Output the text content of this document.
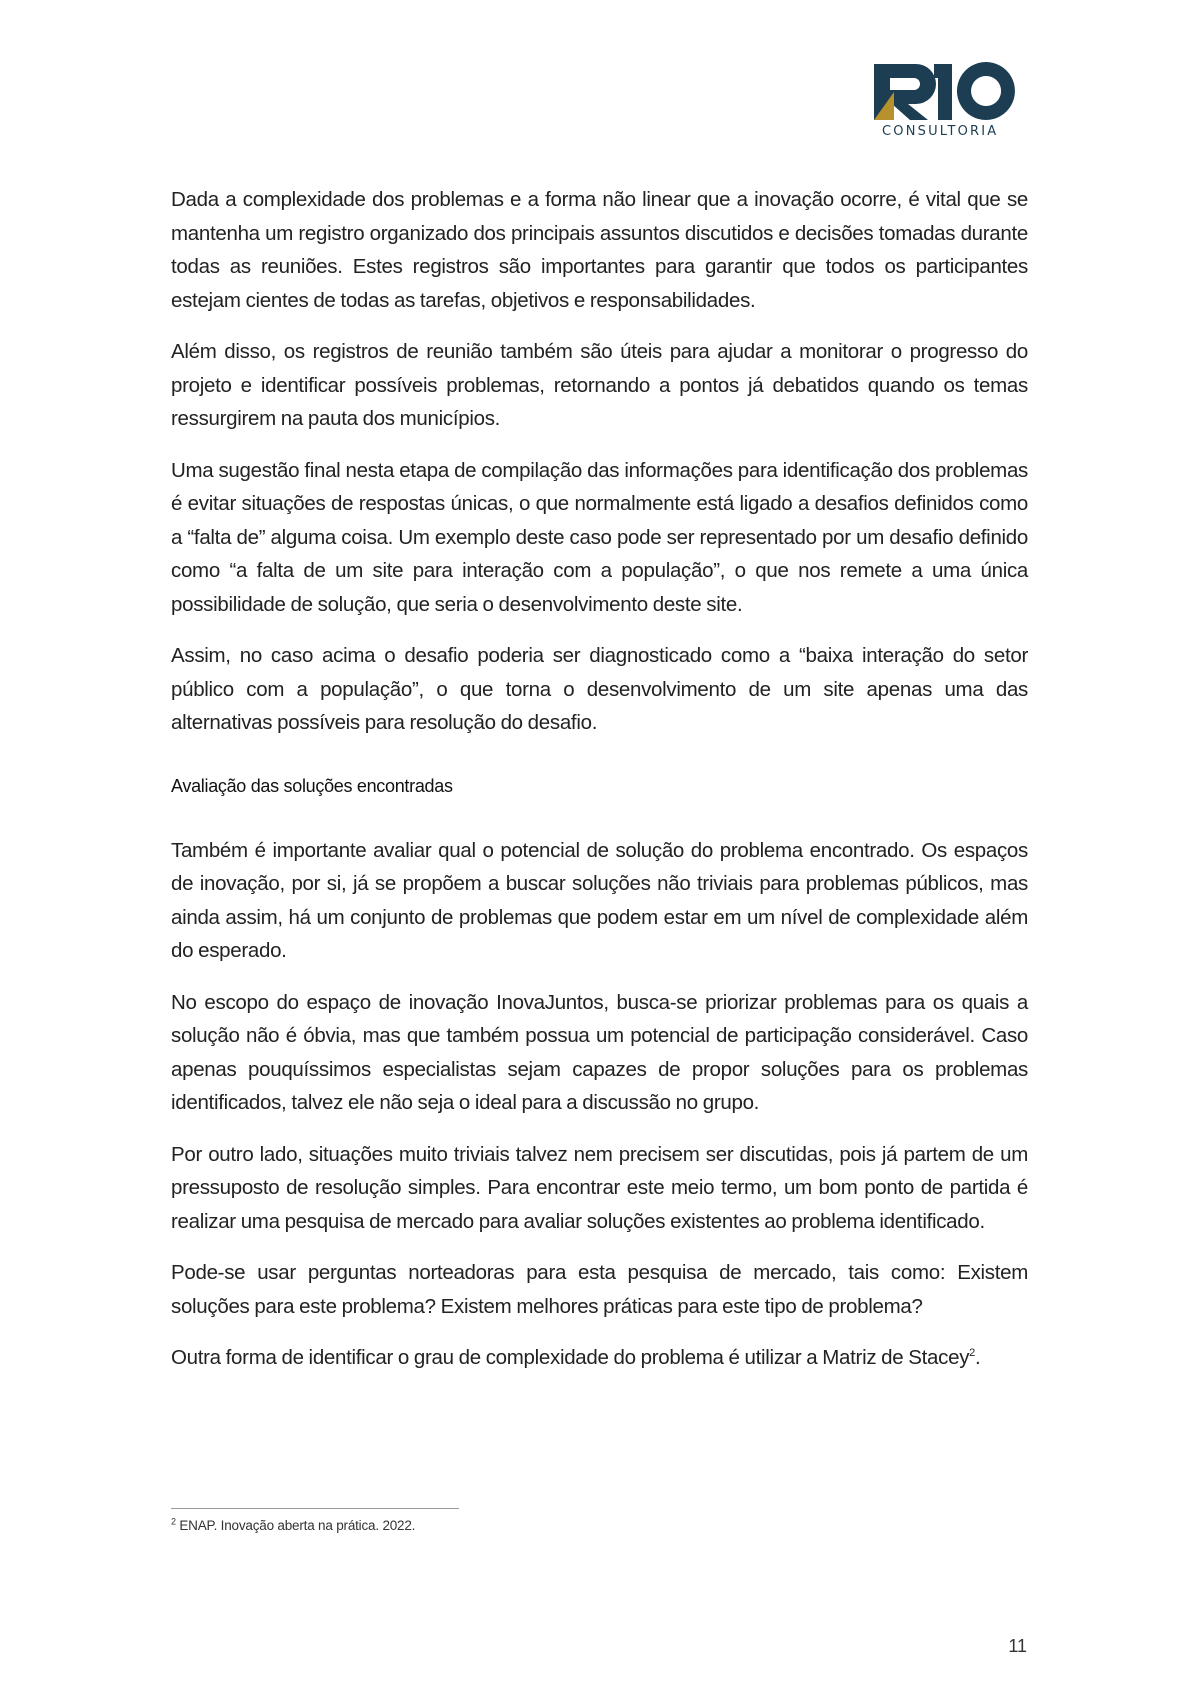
CONSULTORIA

Dada a complexidade dos problemas e a forma não linear que a inovação ocorre, é vital que se mantenha um registro organizado dos principais assuntos discutidos e decisões tomadas durante todas as reuniões. Estes registros são importantes para garantir que todos os participantes estejam cientes de todas as tarefas, objetivos e responsabilidades.

Além disso, os registros de reunião também são úteis para ajudar a monitorar o progresso do projeto e identificar possíveis problemas, retornando a pontos já debatidos quando os temas ressurgirem na pauta dos municípios.

Uma sugestão final nesta etapa de compilação das informações para identificação dos problemas é evitar situações de respostas únicas, o que normalmente está ligado a desafios definidos como a “falta de” alguma coisa. Um exemplo deste caso pode ser representado por um desafio definido como “a falta de um site para interação com a população”, o que nos remete a uma única possibilidade de solução, que seria o desenvolvimento deste site.

Assim, no caso acima o desafio poderia ser diagnosticado como a “baixa interação do setor público com a população”, o que torna o desenvolvimento de um site apenas uma das alternativas possíveis para resolução do desafio.

Avaliação das soluções encontradas

Também é importante avaliar qual o potencial de solução do problema encontrado. Os espaços de inovação, por si, já se propõem a buscar soluções não triviais para problemas públicos, mas ainda assim, há um conjunto de problemas que podem estar em um nível de complexidade além do esperado.

No escopo do espaço de inovação InovaJuntos, busca-se priorizar problemas para os quais a solução não é óbvia, mas que também possua um potencial de participação considerável. Caso apenas pouquíssimos especialistas sejam capazes de propor soluções para os problemas identificados, talvez ele não seja o ideal para a discussão no grupo.

Por outro lado, situações muito triviais talvez nem precisem ser discutidas, pois já partem de um pressuposto de resolução simples. Para encontrar este meio termo, um bom ponto de partida é realizar uma pesquisa de mercado para avaliar soluções existentes ao problema identificado.

Pode-se usar perguntas norteadoras para esta pesquisa de mercado, tais como: Existem soluções para este problema? Existem melhores práticas para este tipo de problema?

Outra forma de identificar o grau de complexidade do problema é utilizar a Matriz de Stacey$^2$.

$^2$ ENAP. Inovação aberta na prática. 2022.
11
